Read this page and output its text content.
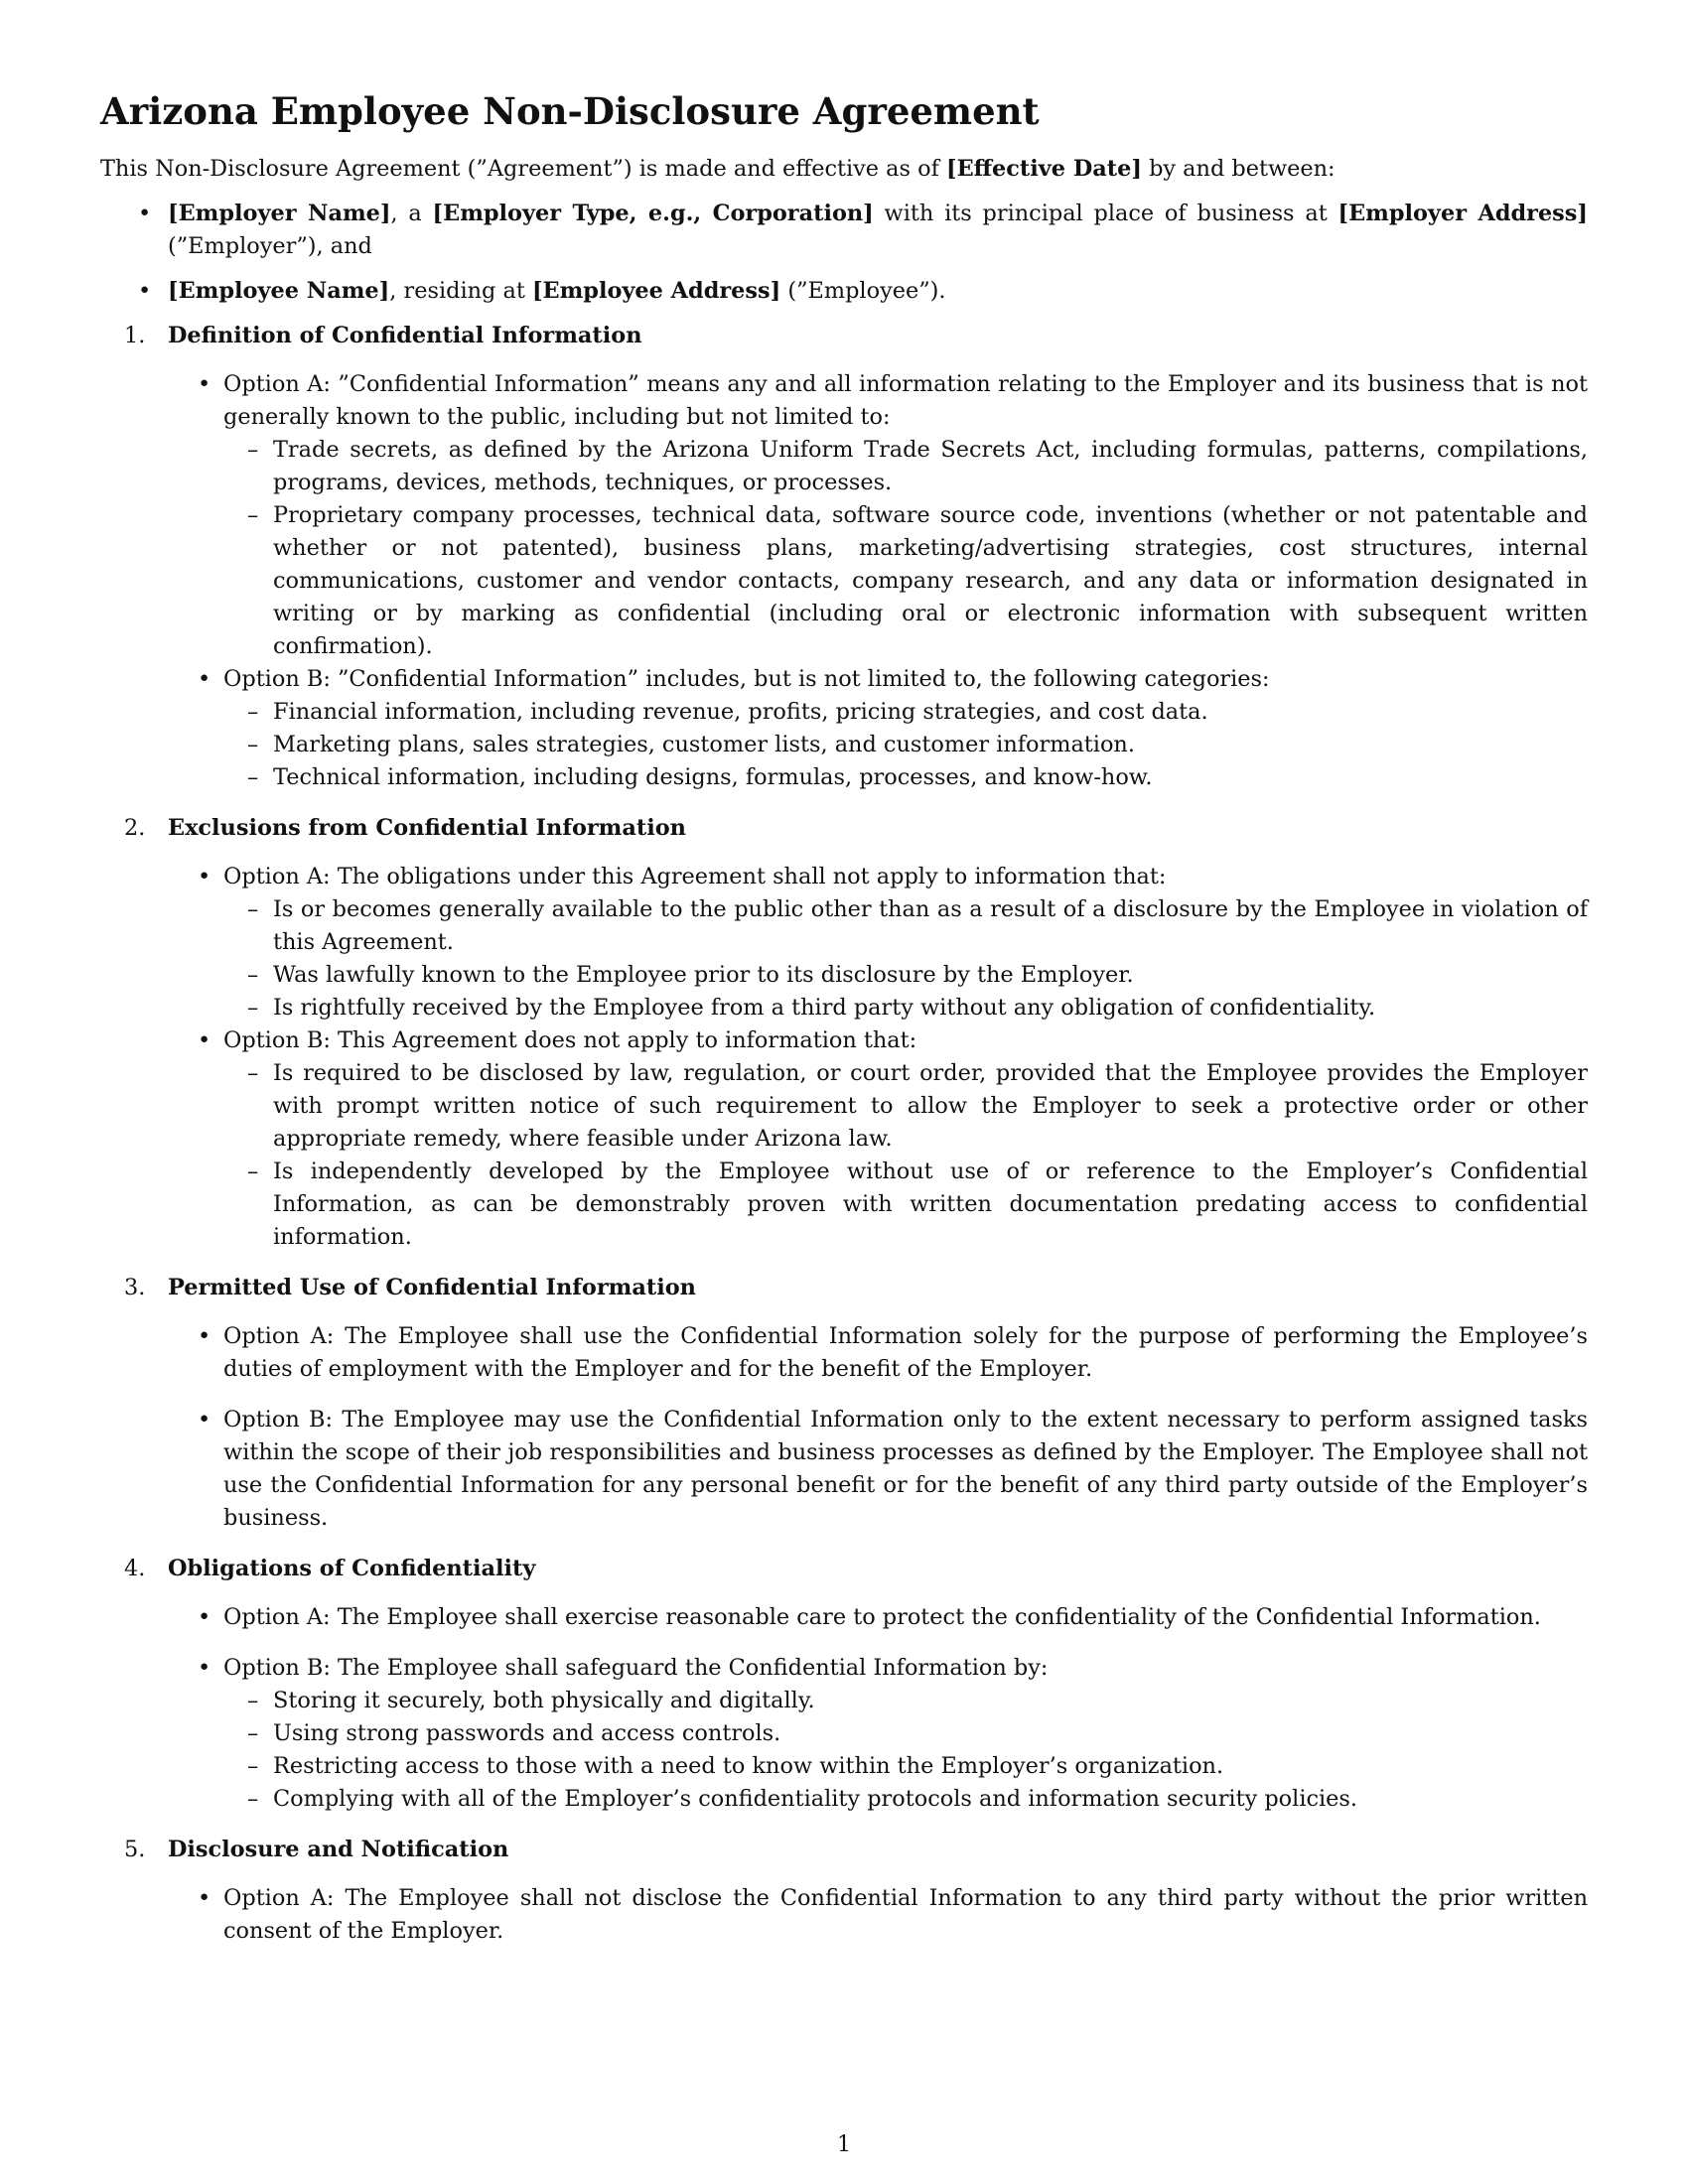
Arizona Employee Non-Disclosure Agreement

This Non-Disclosure Agreement (”Agreement”) is made and effective as of [Effective Date] by and between:

• [Employer Name], a [Employer Type, e.g., Corporation] with its principal place of business at [Employer Address] (”Employer”), and
• [Employee Name], residing at [Employee Address] (”Employee”).
1. Definition of Confidential Information

• Option A: ”Confidential Information” means any and all information relating to the Employer and its business that is not generally known to the public, including but not limited to:

– Trade secrets, as defined by the Arizona Uniform Trade Secrets Act, including formulas, patterns, compilations, programs, devices, methods, techniques, or processes.
– Proprietary company processes, technical data, software source code, inventions (whether or not patentable and whether or not patented), business plans, marketing/advertising strategies, cost structures, internal communications, customer and vendor contacts, company research, and any data or information designated in writing or by marking as confidential (including oral or electronic information with subsequent written confirmation).

• Option B: ”Confidential Information” includes, but is not limited to, the following categories:

– Financial information, including revenue, profits, pricing strategies, and cost data.
– Marketing plans, sales strategies, customer lists, and customer information.
– Technical information, including designs, formulas, processes, and know-how.
2. Exclusions from Confidential Information

• Option A: The obligations under this Agreement shall not apply to information that:

– Is or becomes generally available to the public other than as a result of a disclosure by the Employee in violation of this Agreement.
– Was lawfully known to the Employee prior to its disclosure by the Employer.
– Is rightfully received by the Employee from a third party without any obligation of confidentiality.

• Option B: This Agreement does not apply to information that:

– Is required to be disclosed by law, regulation, or court order, provided that the Employee provides the Employer with prompt written notice of such requirement to allow the Employer to seek a protective order or other appropriate remedy, where feasible under Arizona law.
– Is independently developed by the Employee without use of or reference to the Employer’s Confidential Information, as can be demonstrably proven with written documentation predating access to confidential information.
3. Permitted Use of Confidential Information

• Option A: The Employee shall use the Confidential Information solely for the purpose of performing the Employee’s duties of employment with the Employer and for the benefit of the Employer.

• Option B: The Employee may use the Confidential Information only to the extent necessary to perform assigned tasks within the scope of their job responsibilities and business processes as defined by the Employer. The Employee shall not use the Confidential Information for any personal benefit or for the benefit of any third party outside of the Employer’s business.

4. Obligations of Confidentiality

• Option A: The Employee shall exercise reasonable care to protect the confidentiality of the Confidential Information.

• Option B: The Employee shall safeguard the Confidential Information by:

– Storing it securely, both physically and digitally.
– Using strong passwords and access controls.
– Restricting access to those with a need to know within the Employer’s organization.
– Complying with all of the Employer’s confidentiality protocols and information security policies.
5. Disclosure and Notification

• Option A: The Employee shall not disclose the Confidential Information to any third party without the prior written consent of the Employer.

1
